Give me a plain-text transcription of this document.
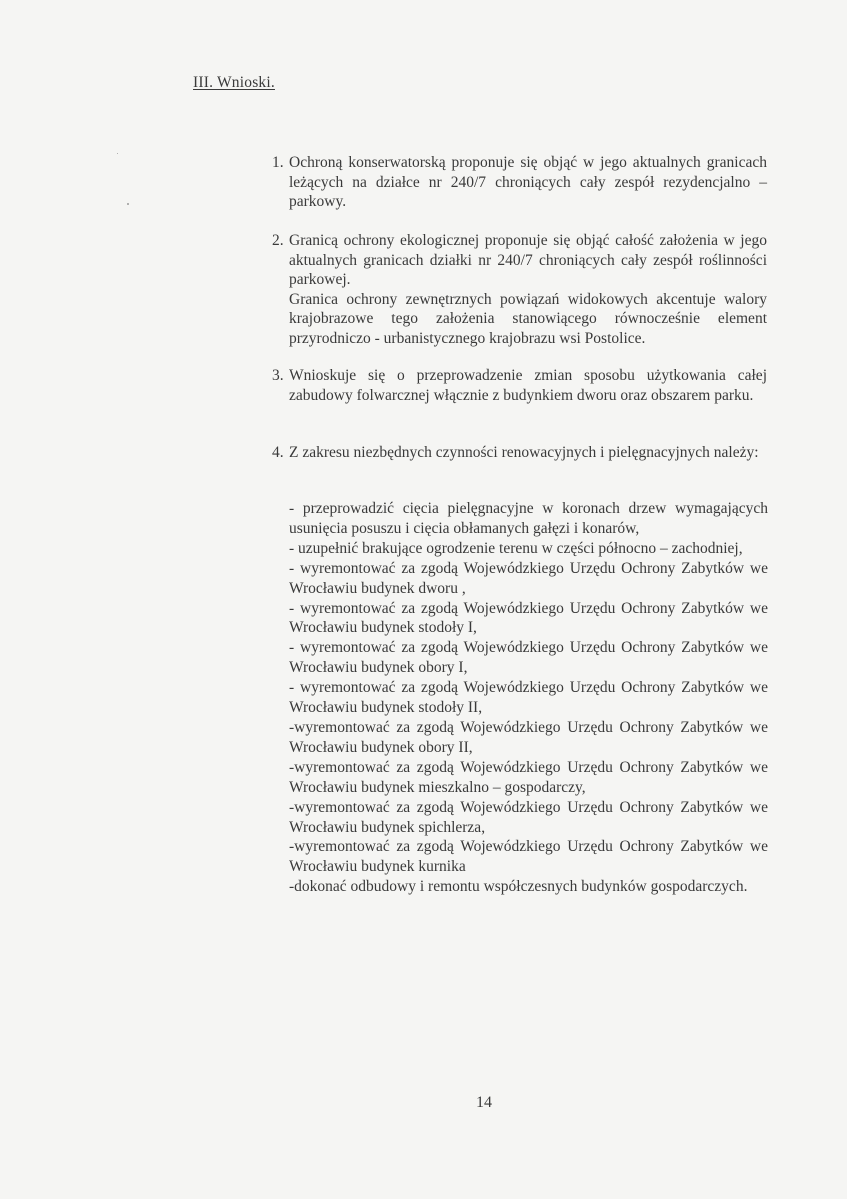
III. Wnioski.
1. Ochroną konserwatorską proponuje się objąć w jego aktualnych granicach leżących na działce nr 240/7 chroniących cały zespół rezydencjalno – parkowy.
2. Granicą ochrony ekologicznej proponuje się objąć całość założenia w jego aktualnych granicach działki nr 240/7 chroniących cały zespół roślinności parkowej.
Granica ochrony zewnętrznych powiązań widokowych akcentuje walory krajobrazowe tego założenia stanowiącego równocześnie element przyrodniczo - urbanistycznego krajobrazu wsi Postolice.
3. Wnioskuje się o przeprowadzenie zmian sposobu użytkowania całej zabudowy folwarcznej włącznie z budynkiem dworu oraz obszarem parku.
4. Z zakresu niezbędnych czynności renowacyjnych i pielęgnacyjnych należy:
- przeprowadzić cięcia pielęgnacyjne w koronach drzew wymagających usunięcia posuszu i cięcia obłamanych gałęzi i konarów,
- uzupełnić brakujące ogrodzenie terenu w części północno – zachodniej,
- wyremontować za zgodą Wojewódzkiego Urzędu Ochrony Zabytków we Wrocławiu budynek dworu ,
- wyremontować za zgodą Wojewódzkiego Urzędu Ochrony Zabytków we Wrocławiu budynek stodoły I,
- wyremontować za zgodą Wojewódzkiego Urzędu Ochrony Zabytków we Wrocławiu budynek obory I,
- wyremontować za zgodą Wojewódzkiego Urzędu Ochrony Zabytków we Wrocławiu budynek stodoły II,
-wyremontować za zgodą Wojewódzkiego Urzędu Ochrony Zabytków we Wrocławiu budynek obory II,
-wyremontować za zgodą Wojewódzkiego Urzędu Ochrony Zabytków we Wrocławiu budynek mieszkalno – gospodarczy,
-wyremontować za zgodą Wojewódzkiego Urzędu Ochrony Zabytków we Wrocławiu budynek spichlerza,
-wyremontować za zgodą Wojewódzkiego Urzędu Ochrony Zabytków we Wrocławiu budynek kurnika
-dokonać odbudowy i remontu współczesnych budynków gospodarczych.
14
